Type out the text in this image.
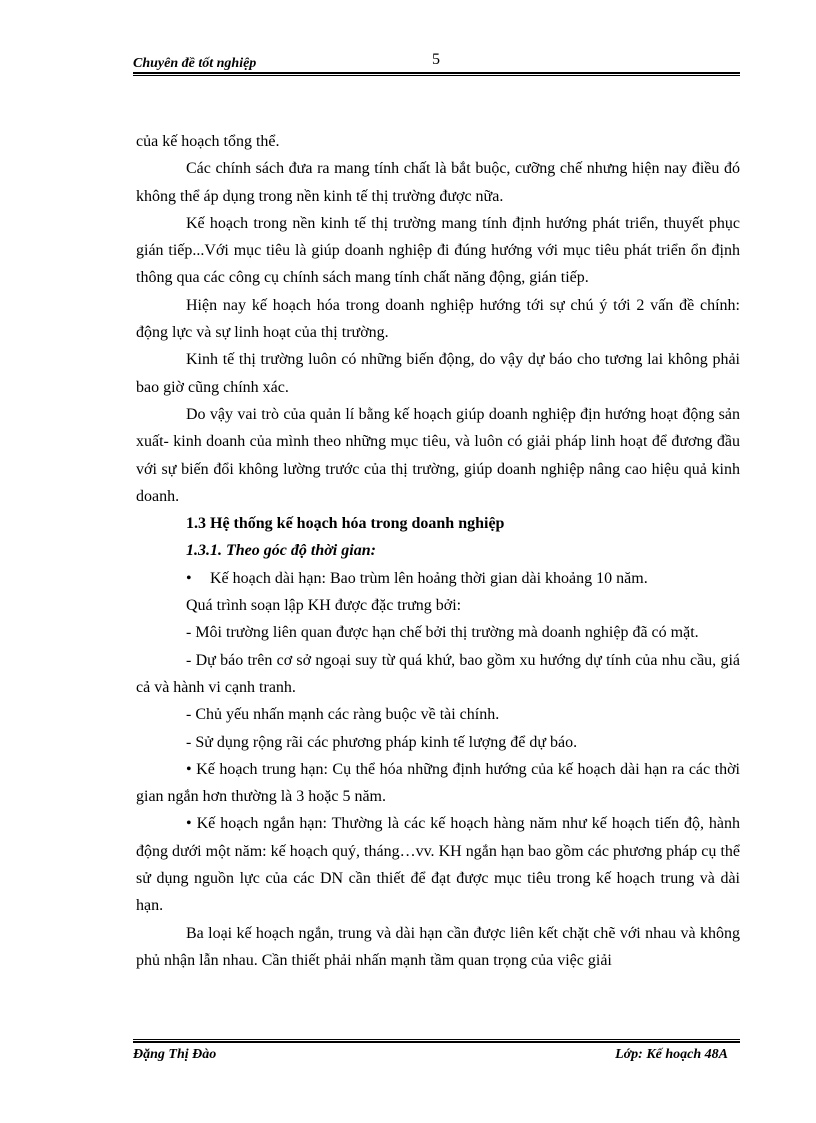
Chuyên đề tốt nghiệp	5

của kế hoạch tổng thể.

Các chính sách đưa ra mang tính chất là bắt buộc, cưỡng chế nhưng hiện nay điều đó không thể áp dụng trong nền kinh tế thị trường được nữa.

Kế hoạch trong nền kinh tế thị trường mang tính định hướng phát triển, thuyết phục gián tiếp...Với mục tiêu là giúp doanh nghiệp đi đúng hướng với mục tiêu phát triển ổn định thông qua các công cụ chính sách mang tính chất năng động, gián tiếp.

Hiện nay kế hoạch hóa trong doanh nghiệp hướng tới sự chú ý tới 2 vấn đề chính: động lực và sự linh hoạt của thị trường.

Kinh tế thị trường luôn có những biến động, do vậy dự báo cho tương lai không phải bao giờ cũng chính xác.

Do vậy vai trò của quản lí bằng kế hoạch giúp doanh nghiệp địn hướng hoạt động sản xuất- kinh doanh của mình theo những mục tiêu, và luôn có giải pháp linh hoạt để đương đầu với sự biến đổi không lường trước của thị trường, giúp doanh nghiệp nâng cao hiệu quả kinh doanh.

1.3 Hệ thống kế hoạch hóa trong doanh nghiệp

1.3.1. Theo góc độ thời gian:

• Kế hoạch dài hạn: Bao trùm lên hoảng thời gian dài khoảng 10 năm.

Quá trình soạn lập KH được đặc trưng bởi:

- Môi trường liên quan được hạn chế bởi thị trường mà doanh nghiệp đã có mặt.

- Dự báo trên cơ sở ngoại suy từ quá khứ, bao gồm xu hướng dự tính của nhu cầu, giá cả và hành vi cạnh tranh.

- Chủ yếu nhấn mạnh các ràng buộc về tài chính.

- Sử dụng rộng rãi các phương pháp kinh tế lượng để dự báo.

• Kế hoạch trung hạn: Cụ thể hóa những định hướng của kế hoạch dài hạn ra các thời gian ngắn hơn thường là 3 hoặc 5 năm.

• Kế hoạch ngắn hạn: Thường là các kế hoạch hàng năm như kế hoạch tiến độ, hành động dưới một năm: kế hoạch quý, tháng…vv. KH ngắn hạn bao gồm các phương pháp cụ thể sử dụng nguồn lực của các DN cần thiết để đạt được mục tiêu trong kế hoạch trung và dài hạn.

Ba loại kế hoạch ngắn, trung và dài hạn cần được liên kết chặt chẽ với nhau và không phủ nhận lẫn nhau. Cần thiết phải nhấn mạnh tầm quan trọng của việc giải

Đặng Thị Đào	Lớp: Kế hoạch 48A
